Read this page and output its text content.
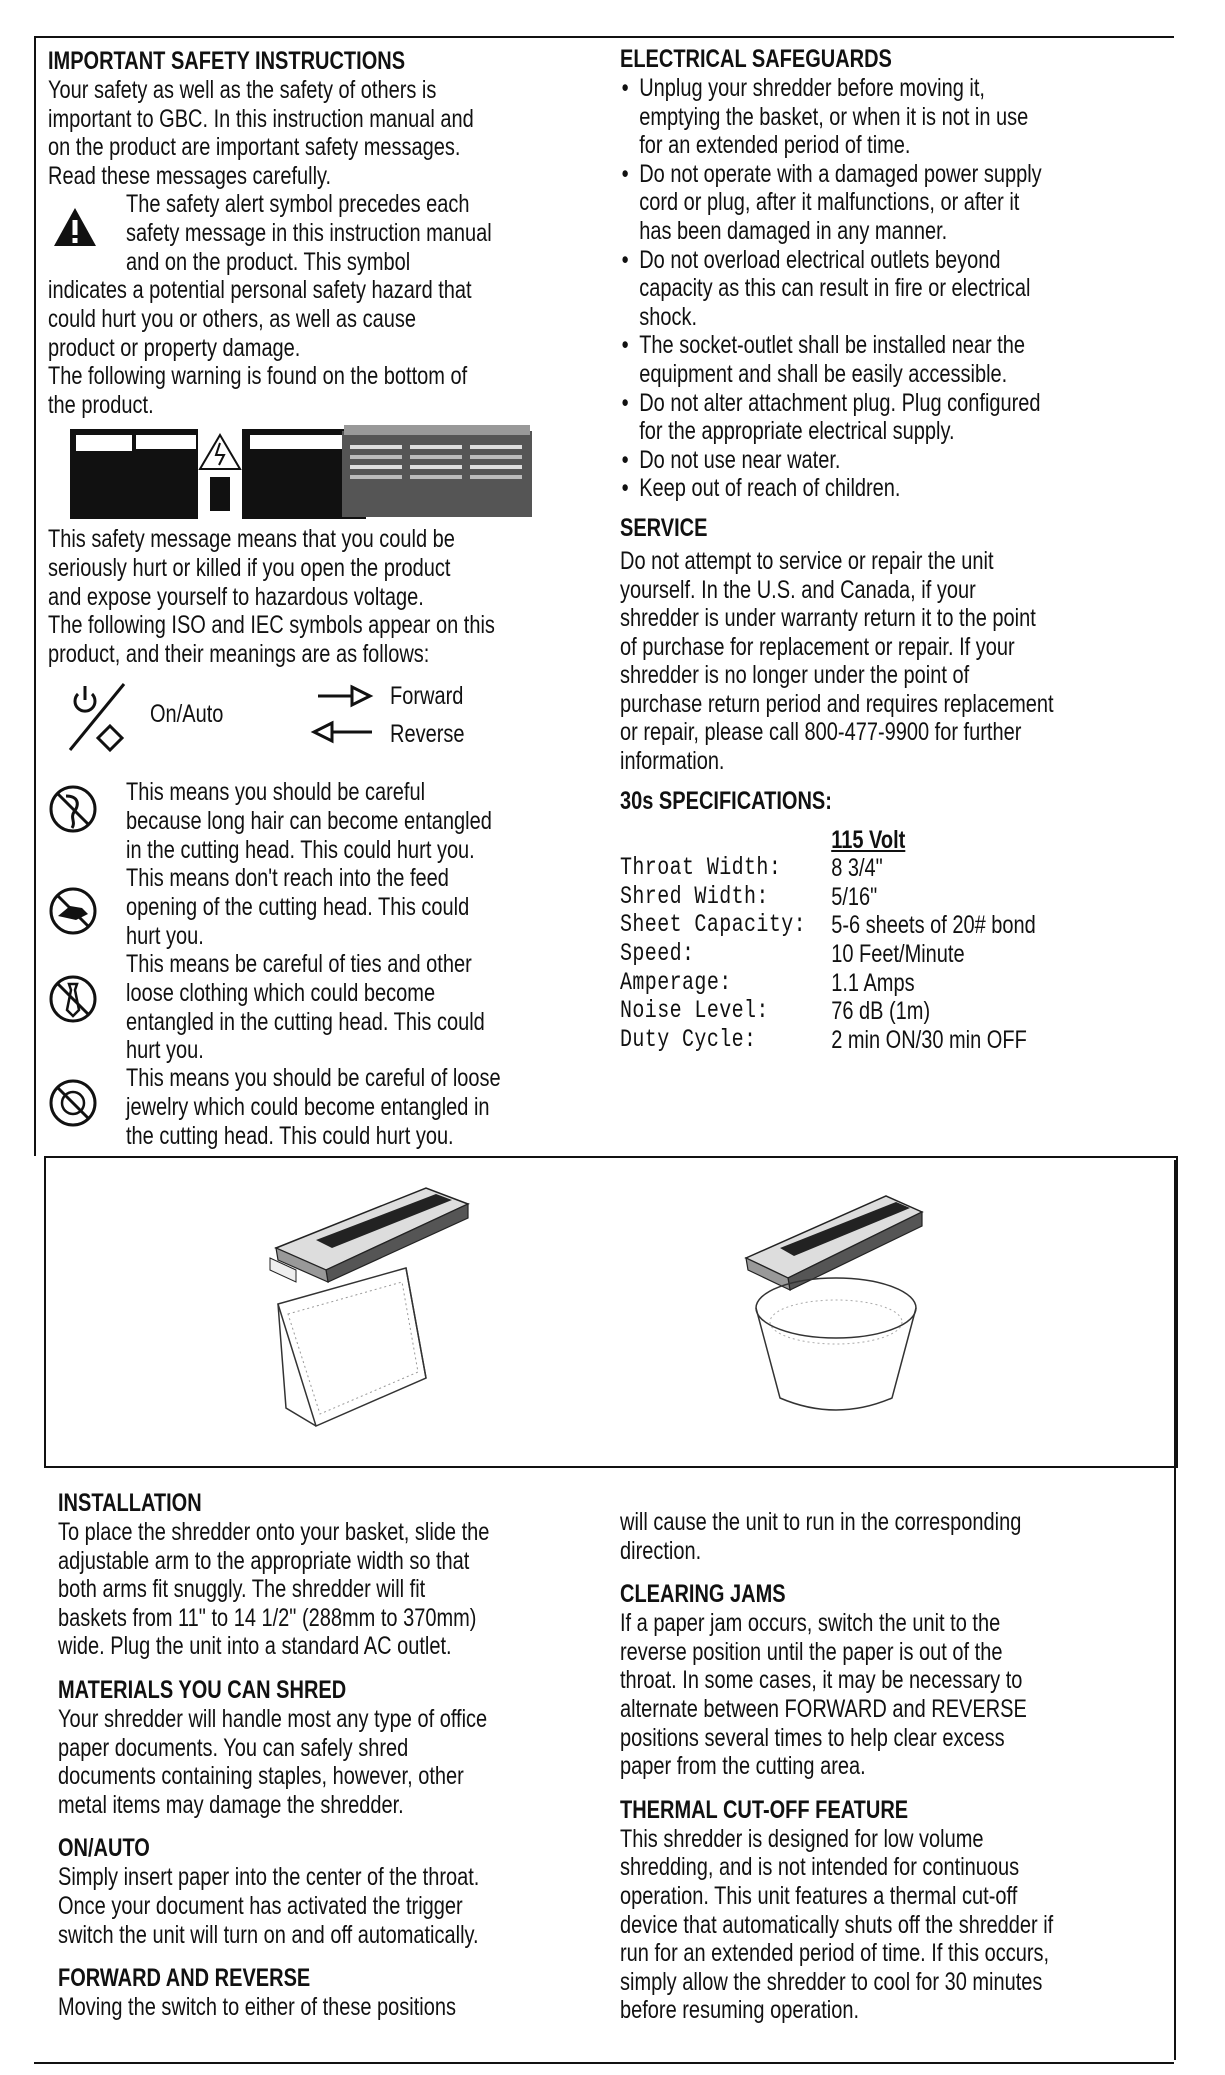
IMPORTANT SAFETY INSTRUCTIONS
Your safety as well as the safety of others is
important to GBC. In this instruction manual and
on the product are important safety messages.
Read these messages carefully.
The safety alert symbol precedes each
safety message in this instruction manual
and on the product. This symbol
indicates a potential personal safety hazard that
could hurt you or others, as well as cause
product or property damage.
The following warning is found on the bottom of
the product.
This safety message means that you could be
seriously hurt or killed if you open the product
and expose yourself to hazardous voltage.
The following ISO and IEC symbols appear on this
product, and their meanings are as follows:
On/Auto
Forward
Reverse
This means you should be careful
because long hair can become entangled
in the cutting head. This could hurt you.
This means don't reach into the feed
opening of the cutting head. This could
hurt you.
This means be careful of ties and other
loose clothing which could become
entangled in the cutting head. This could
hurt you.
This means you should be careful of loose
jewelry which could become entangled in
the cutting head. This could hurt you.
ELECTRICAL SAFEGUARDS
• Unplug your shredder before moving it,
emptying the basket, or when it is not in use
for an extended period of time.
• Do not operate with a damaged power supply
cord or plug, after it malfunctions, or after it
has been damaged in any manner.
• Do not overload electrical outlets beyond
capacity as this can result in fire or electrical
shock.
• The socket-outlet shall be installed near the
equipment and shall be easily accessible.
• Do not alter attachment plug. Plug configured
for the appropriate electrical supply.
• Do not use near water.
• Keep out of reach of children.
SERVICE
Do not attempt to service or repair the unit
yourself. In the U.S. and Canada, if your
shredder is under warranty return it to the point
of purchase for replacement or repair. If your
shredder is no longer under the point of
purchase return period and requires replacement
or repair, please call 800-477-9900 for further
information.
30s SPECIFICATIONS:
115 Volt
Throat Width:	8 3/4"
Shred Width:	5/16"
Sheet Capacity:	5-6 sheets of 20# bond
Speed:	10 Feet/Minute
Amperage:	1.1 Amps
Noise Level:	76 dB (1m)
Duty Cycle:	2 min ON/30 min OFF
INSTALLATION
To place the shredder onto your basket, slide the
adjustable arm to the appropriate width so that
both arms fit snuggly. The shredder will fit
baskets from 11" to 14 1/2" (288mm to 370mm)
wide. Plug the unit into a standard AC outlet.
MATERIALS YOU CAN SHRED
Your shredder will handle most any type of office
paper documents. You can safely shred
documents containing staples, however, other
metal items may damage the shredder.
ON/AUTO
Simply insert paper into the center of the throat.
Once your document has activated the trigger
switch the unit will turn on and off automatically.
FORWARD AND REVERSE
Moving the switch to either of these positions
will cause the unit to run in the corresponding
direction.
CLEARING JAMS
If a paper jam occurs, switch the unit to the
reverse position until the paper is out of the
throat. In some cases, it may be necessary to
alternate between FORWARD and REVERSE
positions several times to help clear excess
paper from the cutting area.
THERMAL CUT-OFF FEATURE
This shredder is designed for low volume
shredding, and is not intended for continuous
operation. This unit features a thermal cut-off
device that automatically shuts off the shredder if
run for an extended period of time. If this occurs,
simply allow the shredder to cool for 30 minutes
before resuming operation.
